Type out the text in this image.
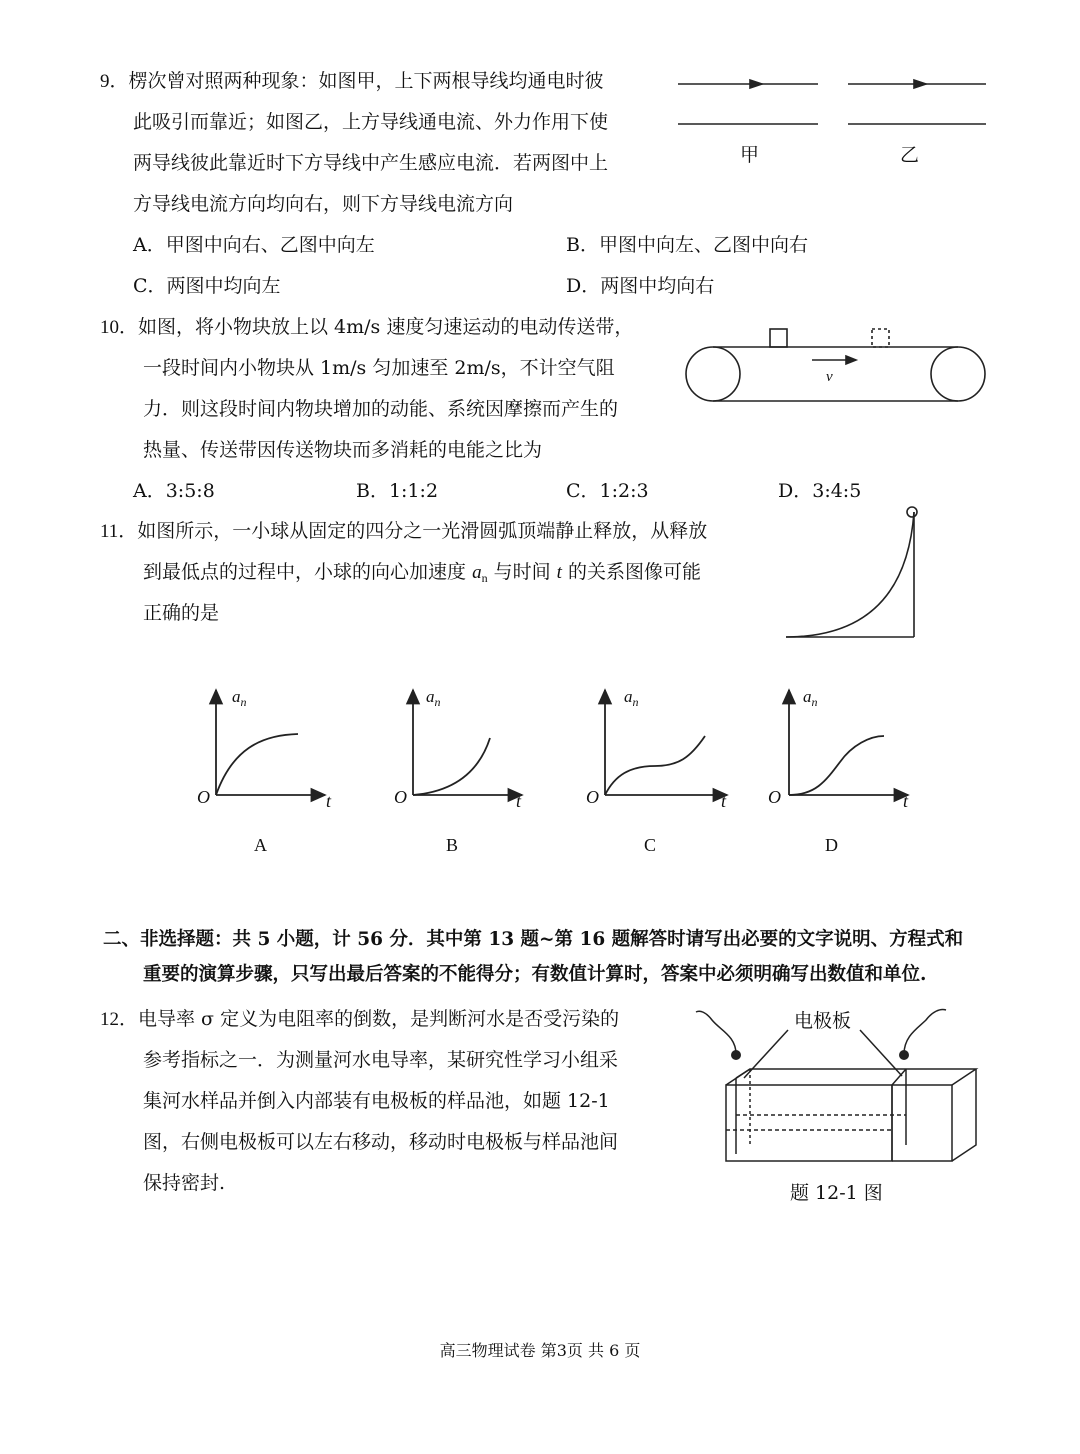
9．楞次曾对照两种现象：如图甲，上下两根导线均通电时彼
此吸引而靠近；如图乙，上方导线通电流、外力作用下使
两导线彼此靠近时下方导线中产生感应电流．若两图中上
方导线电流方向均向右，则下方导线电流方向
A．甲图中向右、乙图中向左	B．甲图中向左、乙图中向右
C．两图中均向左	D．两图中均向右
甲	乙
10．如图，将小物块放上以 4m/s 速度匀速运动的电动传送带，
一段时间内小物块从 1m/s 匀加速至 2m/s，不计空气阻
力．则这段时间内物块增加的动能、系统因摩擦而产生的
热量、传送带因传送物块而多消耗的电能之比为
A．3:5:8	B．1:1:2	C．1:2:3	D．3:4:5
v
11．如图所示，一小球从固定的四分之一光滑圆弧顶端静止释放，从释放
到最低点的过程中，小球的向心加速度 $a_n$ 与时间 t 的关系图像可能
正确的是
$a_n$
O	t
A
$a_n$
O	t
B
$a_n$
O	t
C
$a_n$
O	t
D
二、非选择题：共 5 小题，计 56 分．其中第 13 题~第 16 题解答时请写出必要的文字说明、方程式和
重要的演算步骤，只写出最后答案的不能得分；有数值计算时，答案中必须明确写出数值和单位.
12．电导率 σ 定义为电阻率的倒数，是判断河水是否受污染的
参考指标之一．为测量河水电导率，某研究性学习小组采
集河水样品并倒入内部装有电极板的样品池，如题 12-1
图，右侧电极板可以左右移动，移动时电极板与样品池间
保持密封.
电极板
题 12-1 图
高三物理试卷 第3页 共 6 页
